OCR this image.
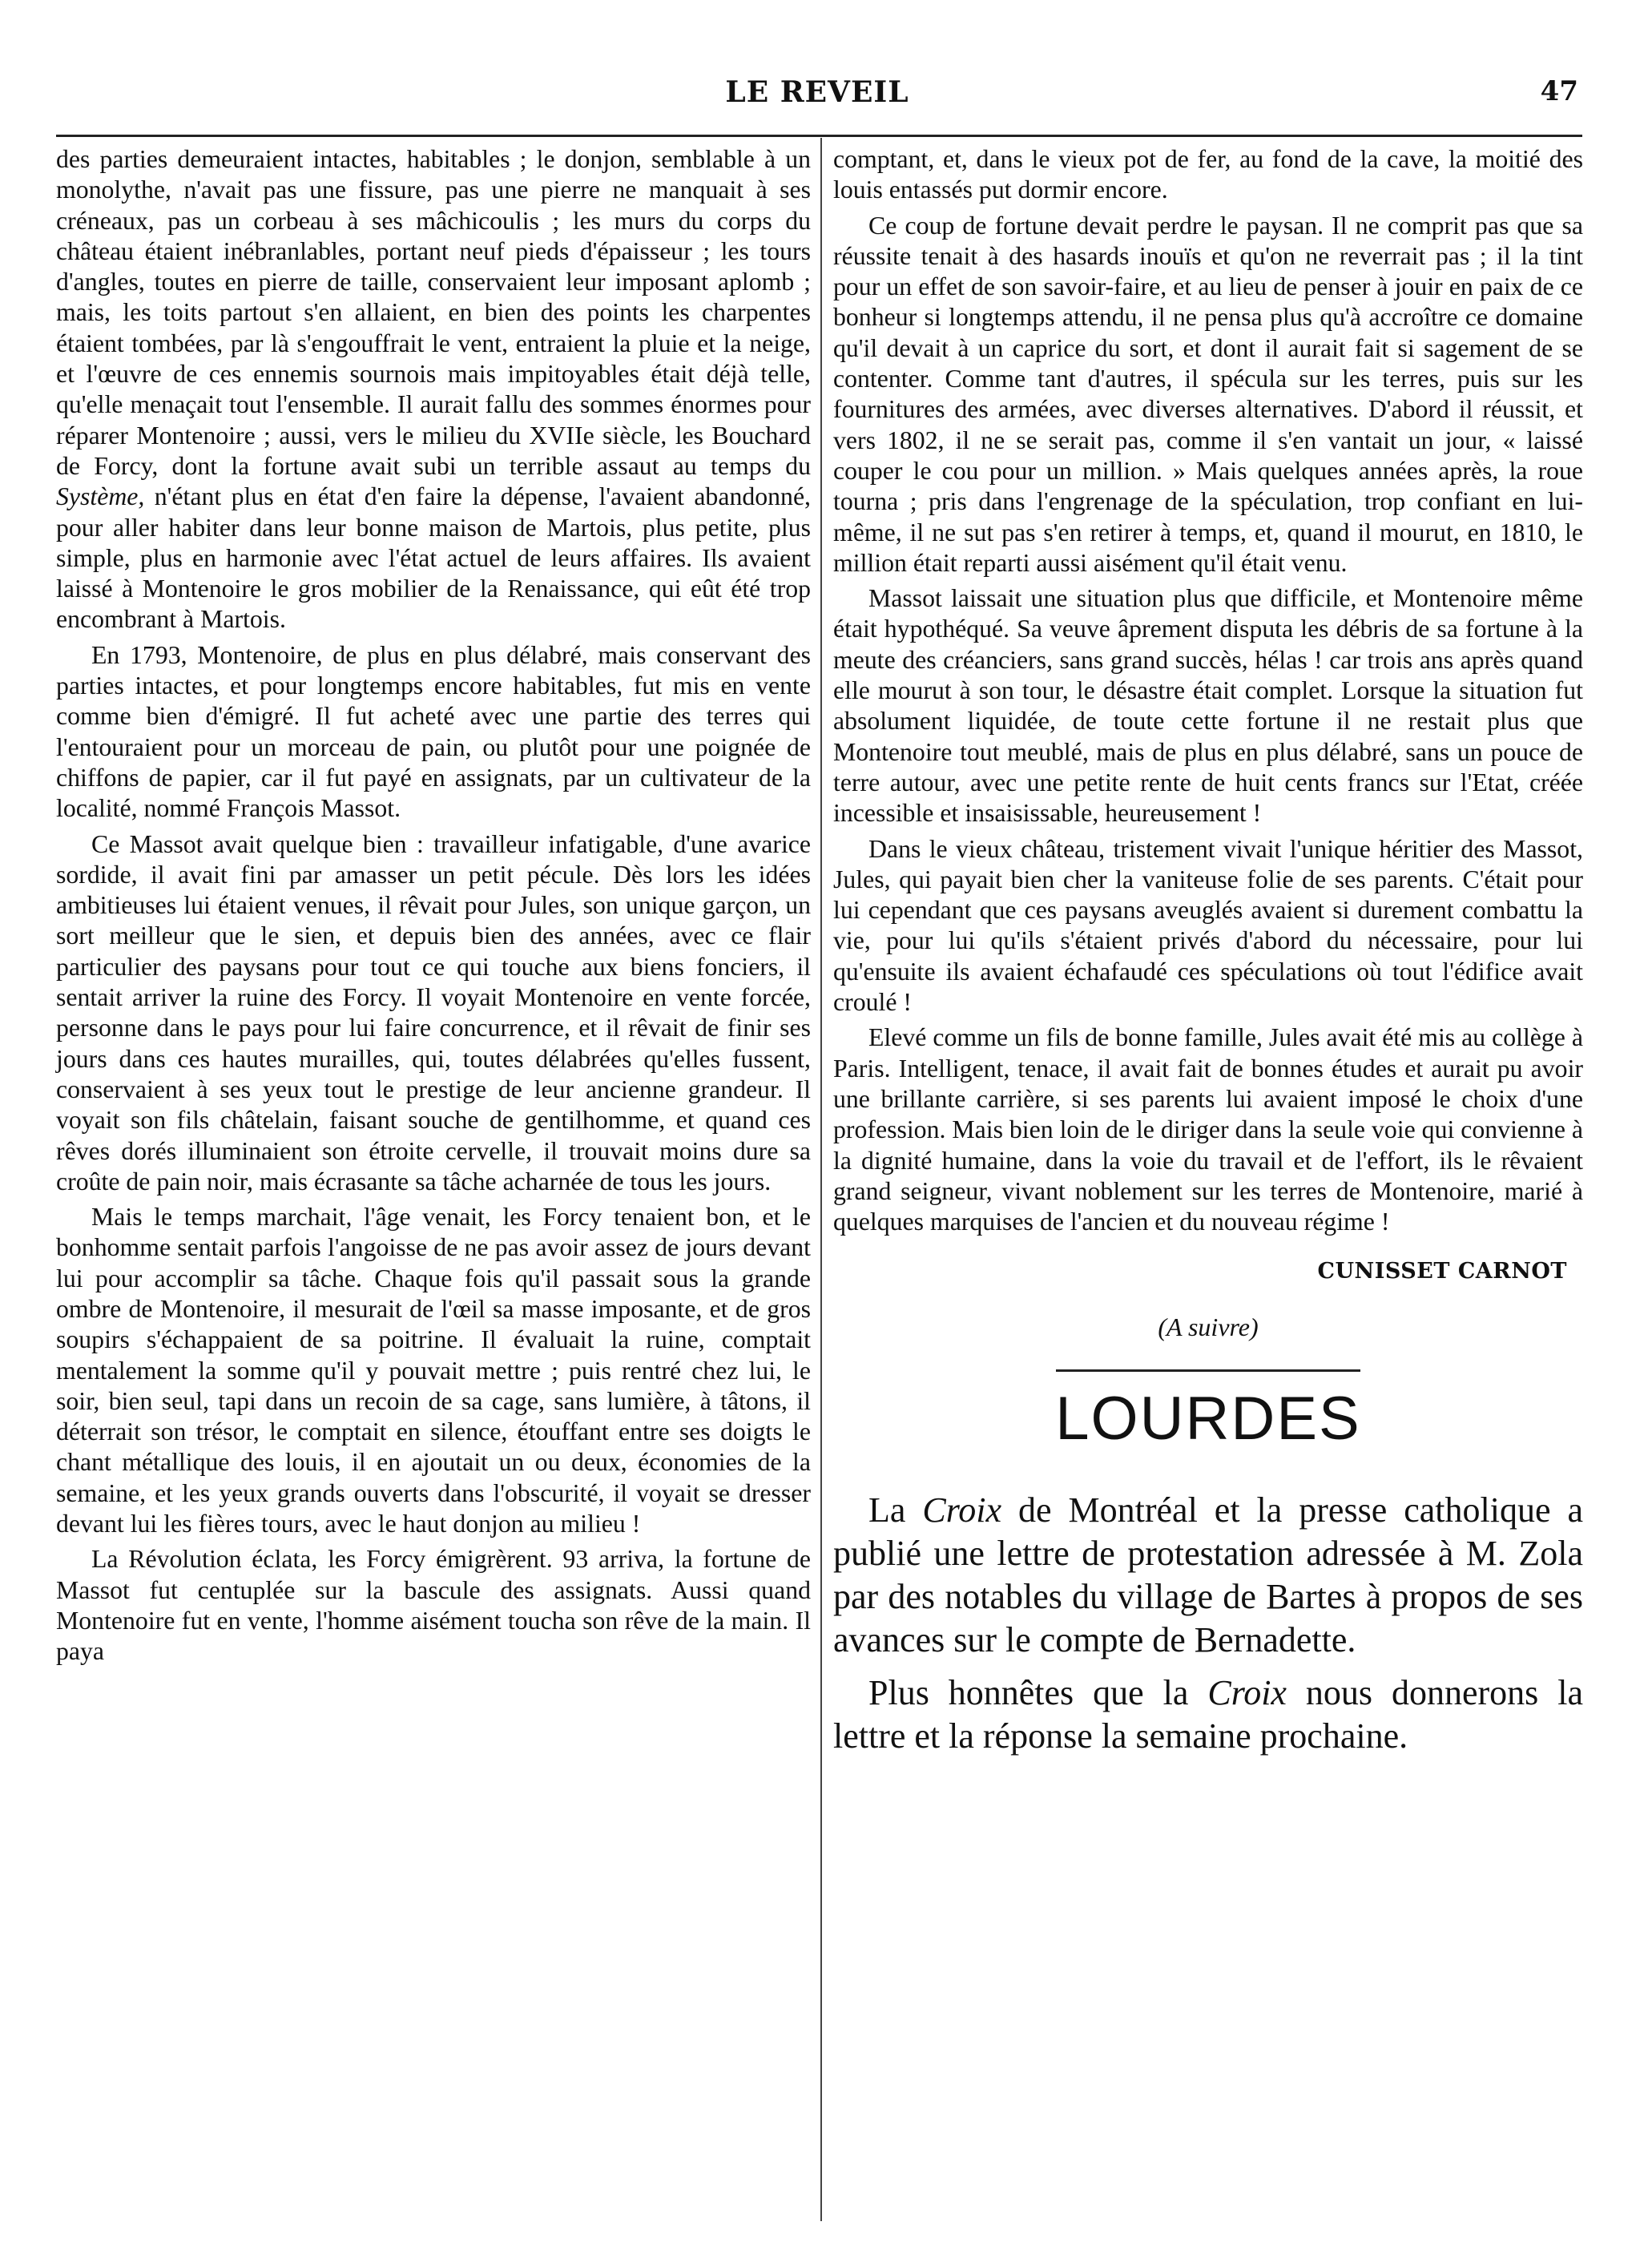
LE REVEIL	47

des parties demeuraient intactes, habitables ; le donjon, semblable à un monolythe, n'avait pas une fissure, pas une pierre ne manquait à ses créneaux, pas un corbeau à ses mâchicoulis ; les murs du corps du château étaient inébranlables, portant neuf pieds d'épaisseur ; les tours d'angles, toutes en pierre de taille, conservaient leur imposant aplomb ; mais, les toits partout s'en allaient, en bien des points les charpentes étaient tombées, par là s'engouffrait le vent, entraient la pluie et la neige, et l'œuvre de ces ennemis sournois mais impitoyables était déjà telle, qu'elle menaçait tout l'ensemble. Il aurait fallu des sommes énormes pour réparer Montenoire ; aussi, vers le milieu du XVIIe siècle, les Bouchard de Forcy, dont la fortune avait subi un terrible assaut au temps du Système, n'étant plus en état d'en faire la dépense, l'avaient abandonné, pour aller habiter dans leur bonne maison de Martois, plus petite, plus simple, plus en harmonie avec l'état actuel de leurs affaires. Ils avaient laissé à Montenoire le gros mobilier de la Renaissance, qui eût été trop encombrant à Martois.

En 1793, Montenoire, de plus en plus délabré, mais conservant des parties intactes, et pour longtemps encore habitables, fut mis en vente comme bien d'émigré. Il fut acheté avec une partie des terres qui l'entouraient pour un morceau de pain, ou plutôt pour une poignée de chiffons de papier, car il fut payé en assignats, par un cultivateur de la localité, nommé François Massot.

Ce Massot avait quelque bien : travailleur infatigable, d'une avarice sordide, il avait fini par amasser un petit pécule. Dès lors les idées ambitieuses lui étaient venues, il rêvait pour Jules, son unique garçon, un sort meilleur que le sien, et depuis bien des années, avec ce flair particulier des paysans pour tout ce qui touche aux biens fonciers, il sentait arriver la ruine des Forcy. Il voyait Montenoire en vente forcée, personne dans le pays pour lui faire concurrence, et il rêvait de finir ses jours dans ces hautes murailles, qui, toutes délabrées qu'elles fussent, conservaient à ses yeux tout le prestige de leur ancienne grandeur. Il voyait son fils châtelain, faisant souche de gentilhomme, et quand ces rêves dorés illuminaient son étroite cervelle, il trouvait moins dure sa croûte de pain noir, mais écrasante sa tâche acharnée de tous les jours.

Mais le temps marchait, l'âge venait, les Forcy tenaient bon, et le bonhomme sentait parfois l'angoisse de ne pas avoir assez de jours devant lui pour accomplir sa tâche. Chaque fois qu'il passait sous la grande ombre de Montenoire, il mesurait de l'œil sa masse imposante, et de gros soupirs s'échappaient de sa poitrine. Il évaluait la ruine, comptait mentalement la somme qu'il y pouvait mettre ; puis rentré chez lui, le soir, bien seul, tapi dans un recoin de sa cage, sans lumière, à tâtons, il déterrait son trésor, le comptait en silence, étouffant entre ses doigts le chant métallique des louis, il en ajoutait un ou deux, économies de la semaine, et les yeux grands ouverts dans l'obscurité, il voyait se dresser devant lui les fières tours, avec le haut donjon au milieu !

La Révolution éclata, les Forcy émigrèrent. 93 arriva, la fortune de Massot fut centuplée sur la bascule des assignats. Aussi quand Montenoire fut en vente, l'homme aisément toucha son rêve de la main. Il paya

comptant, et, dans le vieux pot de fer, au fond de la cave, la moitié des louis entassés put dormir encore.

Ce coup de fortune devait perdre le paysan. Il ne comprit pas que sa réussite tenait à des hasards inouïs et qu'on ne reverrait pas ; il la tint pour un effet de son savoir-faire, et au lieu de penser à jouir en paix de ce bonheur si longtemps attendu, il ne pensa plus qu'à accroître ce domaine qu'il devait à un caprice du sort, et dont il aurait fait si sagement de se contenter. Comme tant d'autres, il spécula sur les terres, puis sur les fournitures des armées, avec diverses alternatives. D'abord il réussit, et vers 1802, il ne se serait pas, comme il s'en vantait un jour, « laissé couper le cou pour un million. » Mais quelques années après, la roue tourna ; pris dans l'engrenage de la spéculation, trop confiant en lui-même, il ne sut pas s'en retirer à temps, et, quand il mourut, en 1810, le million était reparti aussi aisément qu'il était venu.

Massot laissait une situation plus que difficile, et Montenoire même était hypothéqué. Sa veuve âprement disputa les débris de sa fortune à la meute des créanciers, sans grand succès, hélas ! car trois ans après quand elle mourut à son tour, le désastre était complet. Lorsque la situation fut absolument liquidée, de toute cette fortune il ne restait plus que Montenoire tout meublé, mais de plus en plus délabré, sans un pouce de terre autour, avec une petite rente de huit cents francs sur l'Etat, créée incessible et insaisissable, heureusement !

Dans le vieux château, tristement vivait l'unique héritier des Massot, Jules, qui payait bien cher la vaniteuse folie de ses parents. C'était pour lui cependant que ces paysans aveuglés avaient si durement combattu la vie, pour lui qu'ils s'étaient privés d'abord du nécessaire, pour lui qu'ensuite ils avaient échafaudé ces spéculations où tout l'édifice avait croulé !

Elevé comme un fils de bonne famille, Jules avait été mis au collège à Paris. Intelligent, tenace, il avait fait de bonnes études et aurait pu avoir une brillante carrière, si ses parents lui avaient imposé le choix d'une profession. Mais bien loin de le diriger dans la seule voie qui convienne à la dignité humaine, dans la voie du travail et de l'effort, ils le rêvaient grand seigneur, vivant noblement sur les terres de Montenoire, marié à quelques marquises de l'ancien et du nouveau régime !

CUNISSET CARNOT
(A suivre)
LOURDES

La Croix de Montréal et la presse catholique a publié une lettre de protestation adressée à M. Zola par des notables du village de Bartes à propos de ses avances sur le compte de Bernadette.

Plus honnêtes que la Croix nous donnerons la lettre et la réponse la semaine prochaine.
